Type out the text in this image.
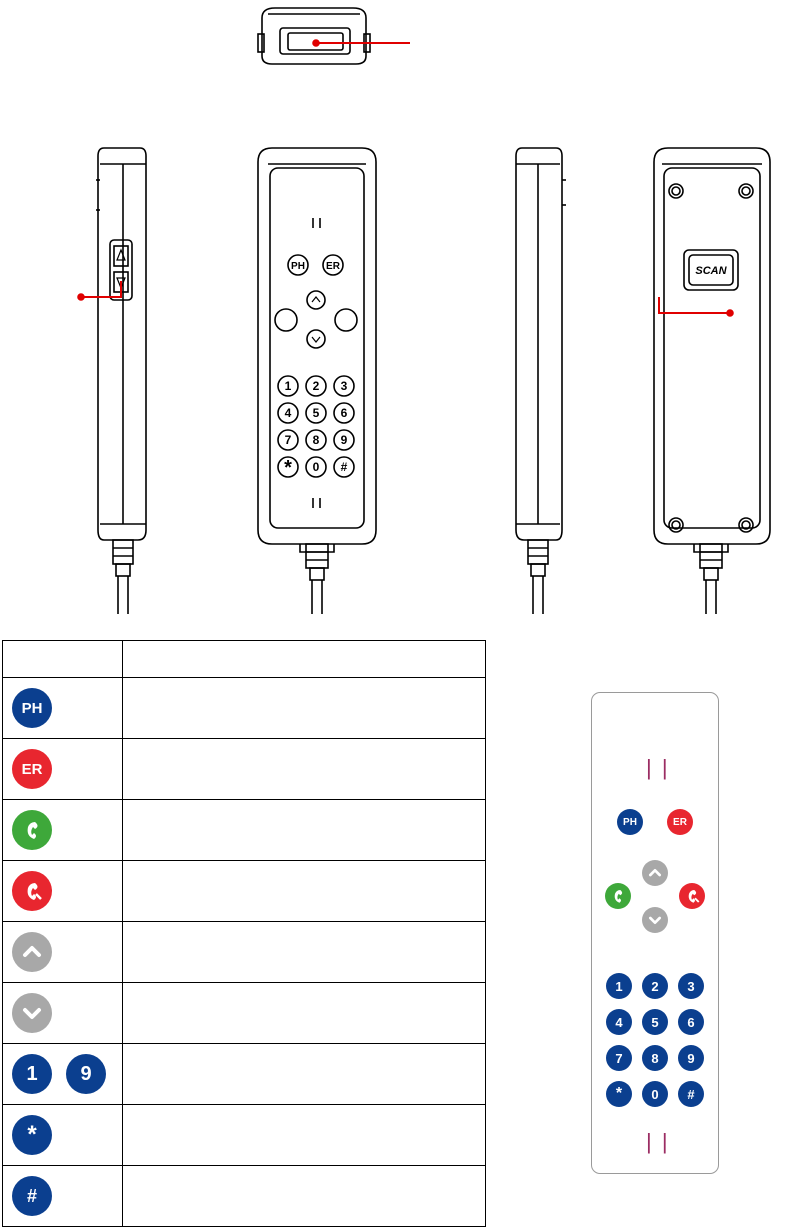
1 2 3
4 5 6
7 8 9
* 0 #
PH ER	SCAN

PH	
ER	

1 9	
*	
#	
| |
PH	ER
1	2	3
4	5	6
7	8	9
*	0	#
| |
